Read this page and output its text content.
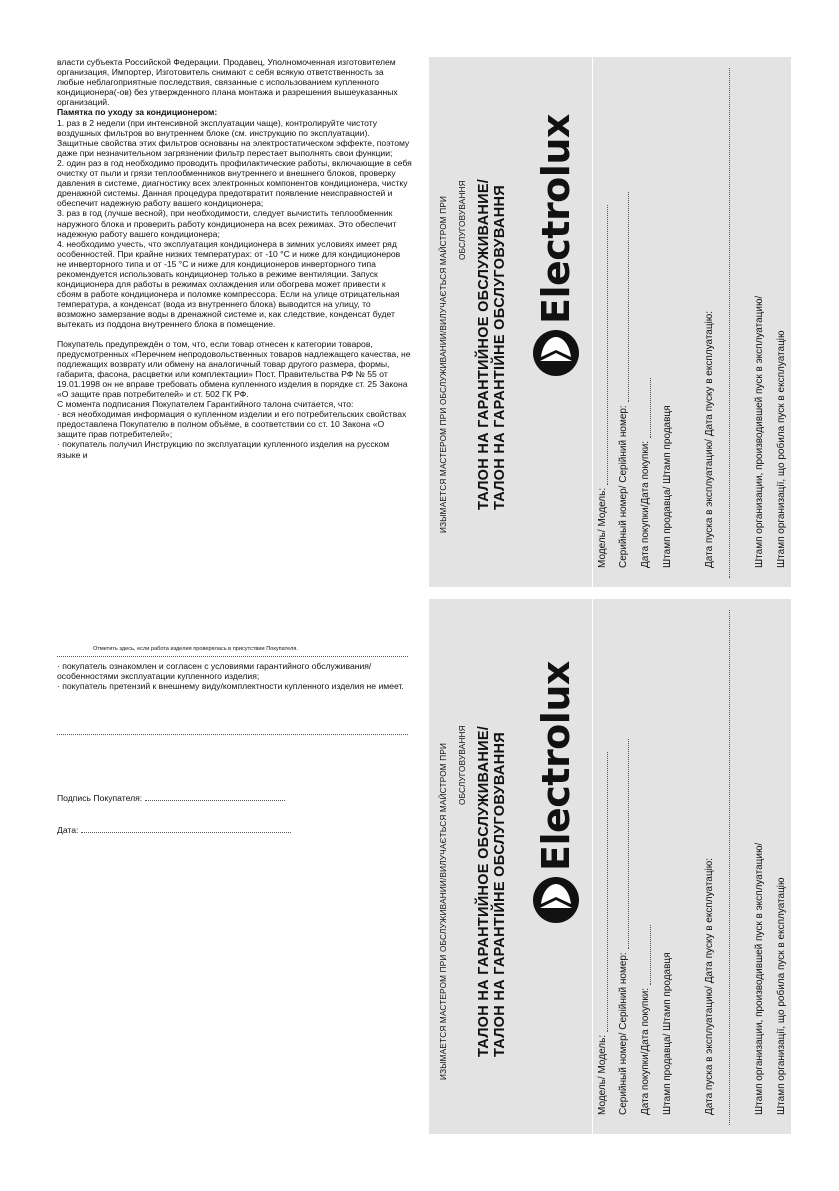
власти субъекта Российской Федерации. Продавец, Уполномоченная изготовителем организация, Импортер, Изготовитель снимают с себя всякую ответственность за любые неблагоприятные последствия, связанные с использованием купленного кондиционера(-ов) без утвержденного плана монтажа и разрешения вышеуказанных организаций.

Памятка по уходу за кондиционером:

1. раз в 2 недели (при интенсивной эксплуатации чаще), контролируйте чистоту воздушных фильтров во внутреннем блоке (см. инструкцию по эксплуатации). Защитные свойства этих фильтров основаны на электростатическом эффекте, поэтому даже при незначительном загрязнении фильтр перестает выполнять свои функции;

2. один раз в год необходимо проводить профилактические работы, включающие в себя очистку от пыли и грязи теплообменников внутреннего и внешнего блоков, проверку давления в системе, диагностику всех электронных компонентов кондиционера, чистку дренажной системы. Данная процедура предотвратит появление неисправностей и обеспечит надежную работу вашего кондиционера;

3. раз в год (лучше весной), при необходимости, следует вычистить теплообменник наружного блока и проверить работу кондиционера на всех режимах. Это обеспечит надежную работу вашего кондиционера;

4. необходимо учесть, что эксплуатация кондиционера в зимних условиях имеет ряд особенностей. При крайне низких температурах: от -10 °С и ниже для кондиционеров не инверторного типа и от -15 °С и ниже для кондиционеров инверторного типа рекомендуется использовать кондиционер только в режиме вентиляции. Запуск кондиционера для работы в режимах охлаждения или обогрева может привести к сбоям в работе кондиционера и поломке компрессора. Если на улице отрицательная температура, а конденсат (вода из внутреннего блока) выводится на улицу, то возможно замерзание воды в дренажной системе и, как следствие, конденсат будет вытекать из поддона внутреннего блока в помещение.

Покупатель предупреждён о том, что, если товар отнесен к категории товаров, предусмотренных «Перечнем непродовольственных товаров надлежащего качества, не подлежащих возврату или обмену на аналогичный товар другого размера, формы, габарита, фасона, расцветки или комплектации» Пост. Правительства РФ № 55 от 19.01.1998 он не вправе требовать обмена купленного изделия в порядке ст. 25 Закона «О защите прав потребителей» и ст. 502 ГК РФ.

С момента подписания Покупателем Гарантийного талона считается, что:

· вся необходимая информация о купленном изделии и его потребительских свойствах предоставлена Покупателю в полном объёме, в соответствии со ст. 10 Закона «О защите прав потребителей»;

· покупатель получил Инструкцию по эксплуатации купленного изделия на русском языке и

Отметить здесь, если работа изделия проверялась в присутствии Покупателя.

· покупатель ознакомлен и согласен с условиями гарантийного обслуживания/особенностями эксплуатации купленного изделия;

· покупатель претензий к внешнему виду/комплектности купленного изделия не имеет.

Подпись Покупателя:
Дата:
ИЗЫМАЕТСЯ МАСТЕРОМ ПРИ ОБСЛУЖИВАНИИ/ВИЛУЧАЄТЬСЯ МАЙСТРОМ ПРИ ОБСЛУГОВУВАННЯ ТАЛОН НА ГАРАНТИЙНОЕ ОБСЛУЖИВАНИЕ/ ТАЛОН НА ГАРАНТІЙНЕ ОБСЛУГОВУВАННЯ Electrolux
Модель/ Модель: Серийный номер/ Серійний номер: Дата покупки/Дата покупки: Штамп продавца/ Штамп продавця	Дата пуска в эксплуатацию/ Дата пуску в експлуатацію:	Штамп организации, производившей пуск в эксплуатацию/ Штамп организації, що робила пуск в експлуатацію
ИЗЫМАЕТСЯ МАСТЕРОМ ПРИ ОБСЛУЖИВАНИИ/ВИЛУЧАЄТЬСЯ МАЙСТРОМ ПРИ ОБСЛУГОВУВАННЯ ТАЛОН НА ГАРАНТИЙНОЕ ОБСЛУЖИВАНИЕ/ ТАЛОН НА ГАРАНТІЙНЕ ОБСЛУГОВУВАННЯ Electrolux
Модель/ Модель: Серийный номер/ Серійний номер: Дата покупки/Дата покупки: Штамп продавца/ Штамп продавця	Дата пуска в эксплуатацию/ Дата пуску в експлуатацію:	Штамп организации, производившей пуск в эксплуатацию/ Штамп организації, що робила пуск в експлуатацію
